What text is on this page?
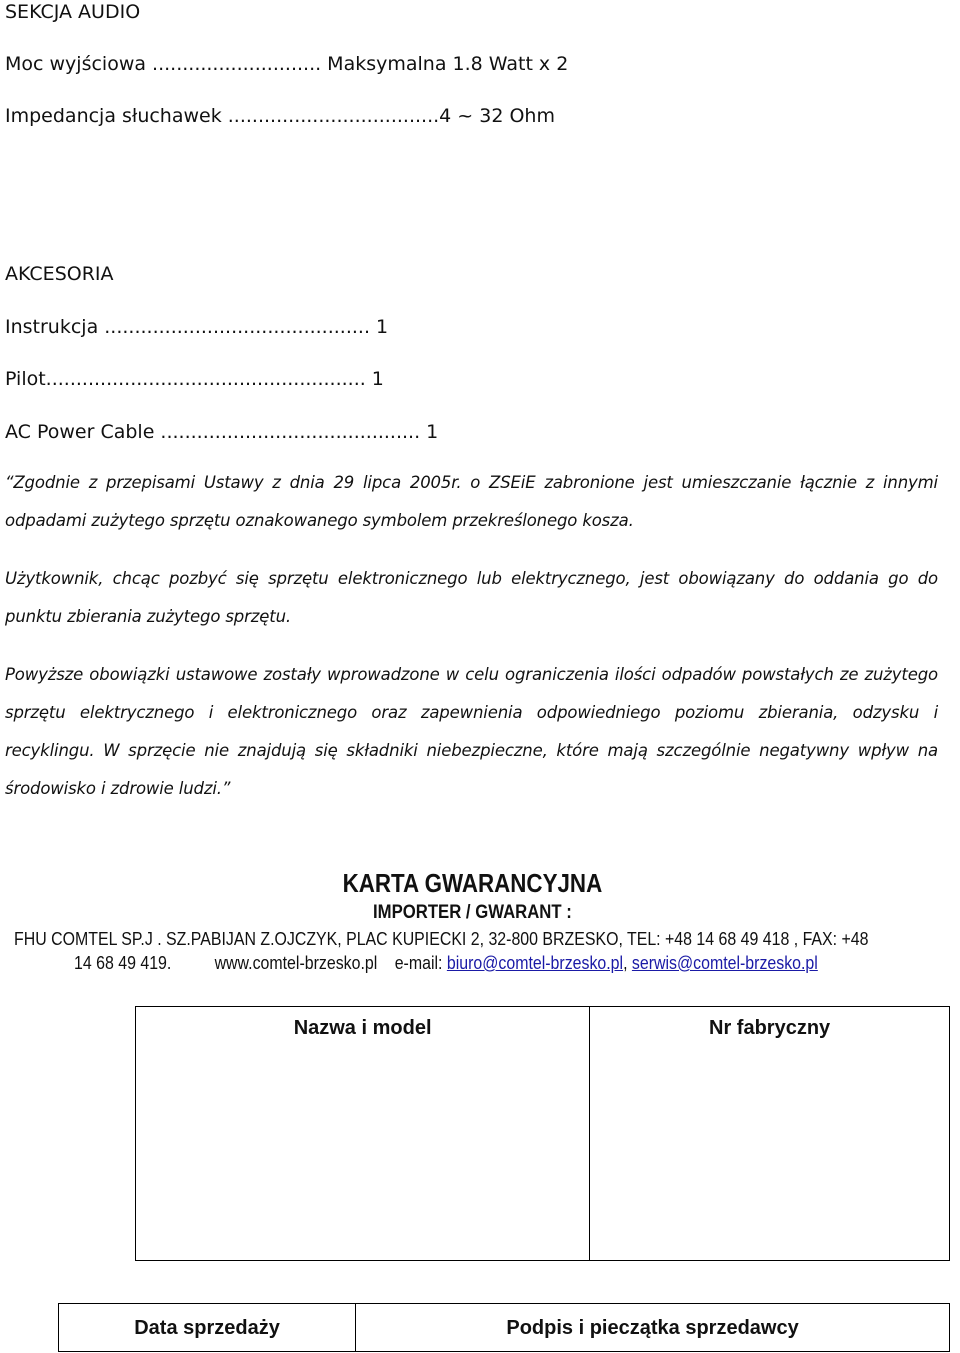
SEKCJA AUDIO
Moc wyjściowa ............................ Maksymalna 1.8 Watt x 2
Impedancja słuchawek ...................................4 ~ 32 Ohm
AKCESORIA
Instrukcja ............................................ 1
Pilot..................................................... 1
AC Power Cable ........................................... 1
“Zgodnie z przepisami Ustawy z dnia 29 lipca 2005r. o ZSEiE zabronione jest umieszczanie łącznie z innymi odpadami zużytego sprzętu oznakowanego symbolem przekreślonego kosza.
Użytkownik, chcąc pozbyć się sprzętu elektronicznego lub elektrycznego, jest obowiązany do oddania go do punktu zbierania zużytego sprzętu.
Powyższe obowiązki ustawowe zostały wprowadzone w celu ograniczenia ilości odpadów powstałych ze zużytego sprzętu elektrycznego i elektronicznego oraz zapewnienia odpowiedniego poziomu zbierania, odzysku i recyklingu. W sprzęcie nie znajdują się składniki niebezpieczne, które mają szczególnie negatywny wpływ na środowisko i zdrowie ludzi.”
KARTA GWARANCYJNA
IMPORTER / GWARANT :
FHU COMTEL SP.J . SZ.PABIJAN Z.OJCZYK, PLAC KUPIECKI 2, 32-800 BRZESKO, TEL: +48 14 68 49 418 , FAX: +48
14 68 49 419. www.comtel-brzesko.pl e-mail: biuro@comtel-brzesko.pl, serwis@comtel-brzesko.pl
Nazwa i model	Nr fabryczny
Data sprzedaży	Podpis i pieczątka sprzedawcy
